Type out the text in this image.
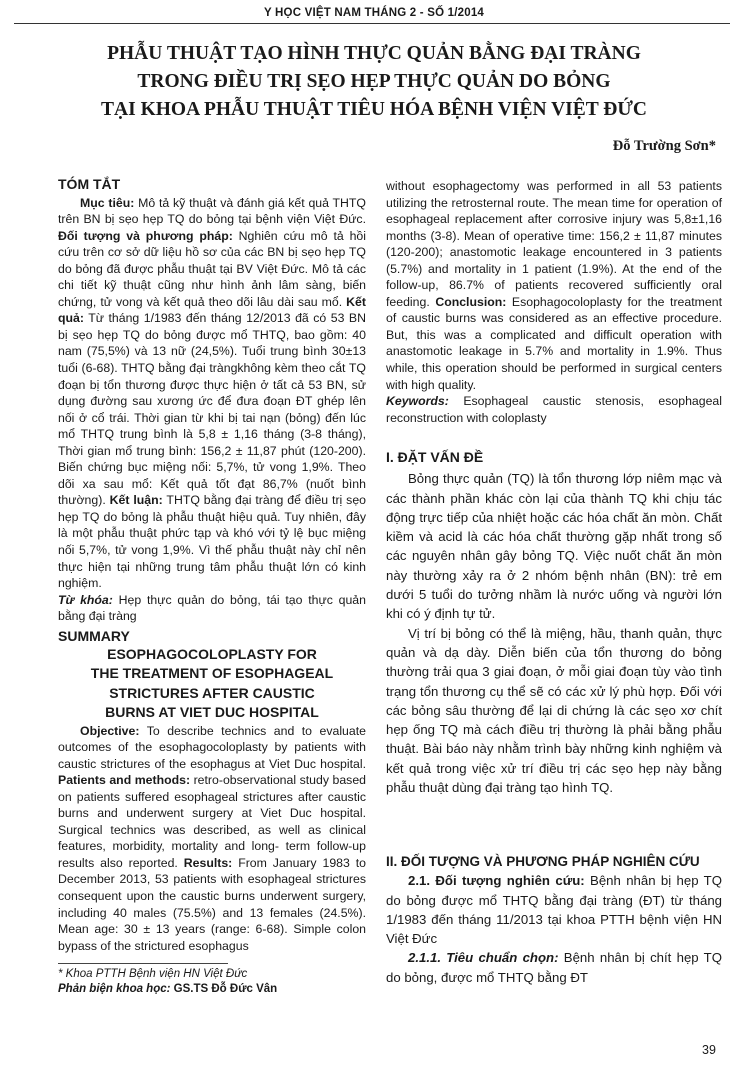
Y HỌC VIỆT NAM THÁNG 2 - SỐ 1/2014
PHẪU THUẬT TẠO HÌNH THỰC QUẢN BẰNG ĐẠI TRÀNG
TRONG ĐIỀU TRỊ SẸO HẸP THỰC QUẢN DO BỎNG
TẠI KHOA PHẪU THUẬT TIÊU HÓA BỆNH VIỆN VIỆT ĐỨC
Đỗ Trường Sơn*

TÓM TẮT

Mục tiêu: Mô tả kỹ thuật và đánh giá kết quả THTQ trên BN bị sẹo hẹp TQ do bỏng tại bệnh viện Việt Đức. Đối tượng và phương pháp: Nghiên cứu mô tả hồi cứu trên cơ sở dữ liệu hồ sơ của các BN bị sẹo hẹp TQ do bỏng đã được phẫu thuật tại BV Việt Đức. Mô tả các chi tiết kỹ thuật cũng như hình ảnh lâm sàng, biến chứng, tử vong và kết quả theo dõi lâu dài sau mổ. Kết quả: Từ tháng 1/1983 đến tháng 12/2013 đã có 53 BN bị sẹo hẹp TQ do bỏng được mổ THTQ, bao gồm: 40 nam (75,5%) và 13 nữ (24,5%). Tuổi trung bình 30±13 tuổi (6-68). THTQ bằng đại tràngkhông kèm theo cắt TQ đoạn bị tổn thương được thực hiện ở tất cả 53 BN, sử dụng đường sau xương ức để đưa đoạn ĐT ghép lên nối ở cổ trái. Thời gian từ khi bị tai nạn (bỏng) đến lúc mổ THTQ trung bình là 5,8 ± 1,16 tháng (3-8 tháng), Thời gian mổ trung bình: 156,2 ± 11,87 phút (120-200). Biến chứng bục miệng nối: 5,7%, tử vong 1,9%. Theo dõi xa sau mổ: Kết quả tốt đạt 86,7% (nuốt bình thường). Kết luận: THTQ bằng đại tràng để điều trị sẹo hẹp TQ do bỏng là phẫu thuật hiệu quả. Tuy nhiên, đây là một phẫu thuật phức tạp và khó với tỷ lệ bục miệng nối 5,7%, tử vong 1,9%. Vì thế phẫu thuật này chỉ nên thực hiện tại những trung tâm phẫu thuật lớn có kinh nghiệm.

Từ khóa: Hẹp thực quản do bỏng, tái tạo thực quản bằng đại tràng

SUMMARY

ESOPHAGOCOLOPLASTY FOR
THE TREATMENT OF ESOPHAGEAL
STRICTURES AFTER CAUSTIC
BURNS AT VIET DUC HOSPITAL

Objective: To describe technics and to evaluate outcomes of the esophagocoloplasty by patients with caustic strictures of the esophagus at Viet Duc hospital. Patients and methods: retro-observational study based on patients suffered esophageal strictures after caustic burns and underwent surgery at Viet Duc hospital. Surgical technics was described, as well as clinical features, morbidity, mortality and long- term follow-up results also reported. Results: From January 1983 to December 2013, 53 patients with esophageal strictures consequent upon the caustic burns underwent surgery, including 40 males (75.5%) and 13 females (24.5%). Mean age: 30 ± 13 years (range: 6-68). Simple colon bypass of the strictured esophagus

* Khoa PTTH Bệnh viện HN Việt Đức
Phản biện khoa học: GS.TS Đỗ Đức Vân

without esophagectomy was performed in all 53 patients utilizing the retrosternal route. The mean time for operation of esophageal replacement after corrosive injury was 5,8±1,16 months (3-8). Mean of operative time: 156,2 ± 11,87 minutes (120-200); anastomotic leakage encountered in 3 patients (5.7%) and mortality in 1 patient (1.9%). At the end of the follow-up, 86.7% of patients recovered sufficiently oral feeding. Conclusion: Esophagocoloplasty for the treatment of caustic burns was considered as an effective procedure. But, this was a complicated and difficult operation with anastomotic leakage in 5.7% and mortality in 1.9%. Thus while, this operation should be performed in surgical centers with high quality.

Keywords: Esophageal caustic stenosis, esophageal reconstruction with coloplasty

I. ĐẶT VẤN ĐỀ

Bỏng thực quản (TQ) là tổn thương lớp niêm mạc và các thành phần khác còn lại của thành TQ khi chịu tác động trực tiếp của nhiệt hoặc các hóa chất ăn mòn. Chất kiềm và acid là các hóa chất thường gặp nhất trong số các nguyên nhân gây bỏng TQ. Việc nuốt chất ăn mòn này thường xảy ra ở 2 nhóm bệnh nhân (BN): trẻ em dưới 5 tuổi do tưởng nhầm là nước uống và người lớn khi có ý định tự tử.

Vị trí bị bỏng có thể là miệng, hầu, thanh quản, thực quản và dạ dày. Diễn biến của tổn thương do bỏng thường trải qua 3 giai đoạn, ở mỗi giai đoạn tùy vào tình trạng tổn thương cụ thể sẽ có các xử lý phù hợp. Đối với các bỏng sâu thường để lại di chứng là các sẹo xơ chít hẹp ống TQ mà cách điều trị thường là phải bằng phẫu thuật. Bài báo này nhằm trình bày những kinh nghiệm và kết quả trong việc xử trí điều trị các sẹo hẹp này bằng phẫu thuật dùng đại tràng tạo hình TQ.

II. ĐỐI TƯỢNG VÀ PHƯƠNG PHÁP NGHIÊN CỨU

2.1. Đối tượng nghiên cứu: Bệnh nhân bị hẹp TQ do bỏng được mổ THTQ bằng đại tràng (ĐT) từ tháng 1/1983 đến tháng 11/2013 tại khoa PTTH bệnh viện HN Việt Đức

2.1.1. Tiêu chuẩn chọn: Bệnh nhân bị chít hẹp TQ do bỏng, được mổ THTQ bằng ĐT

39
